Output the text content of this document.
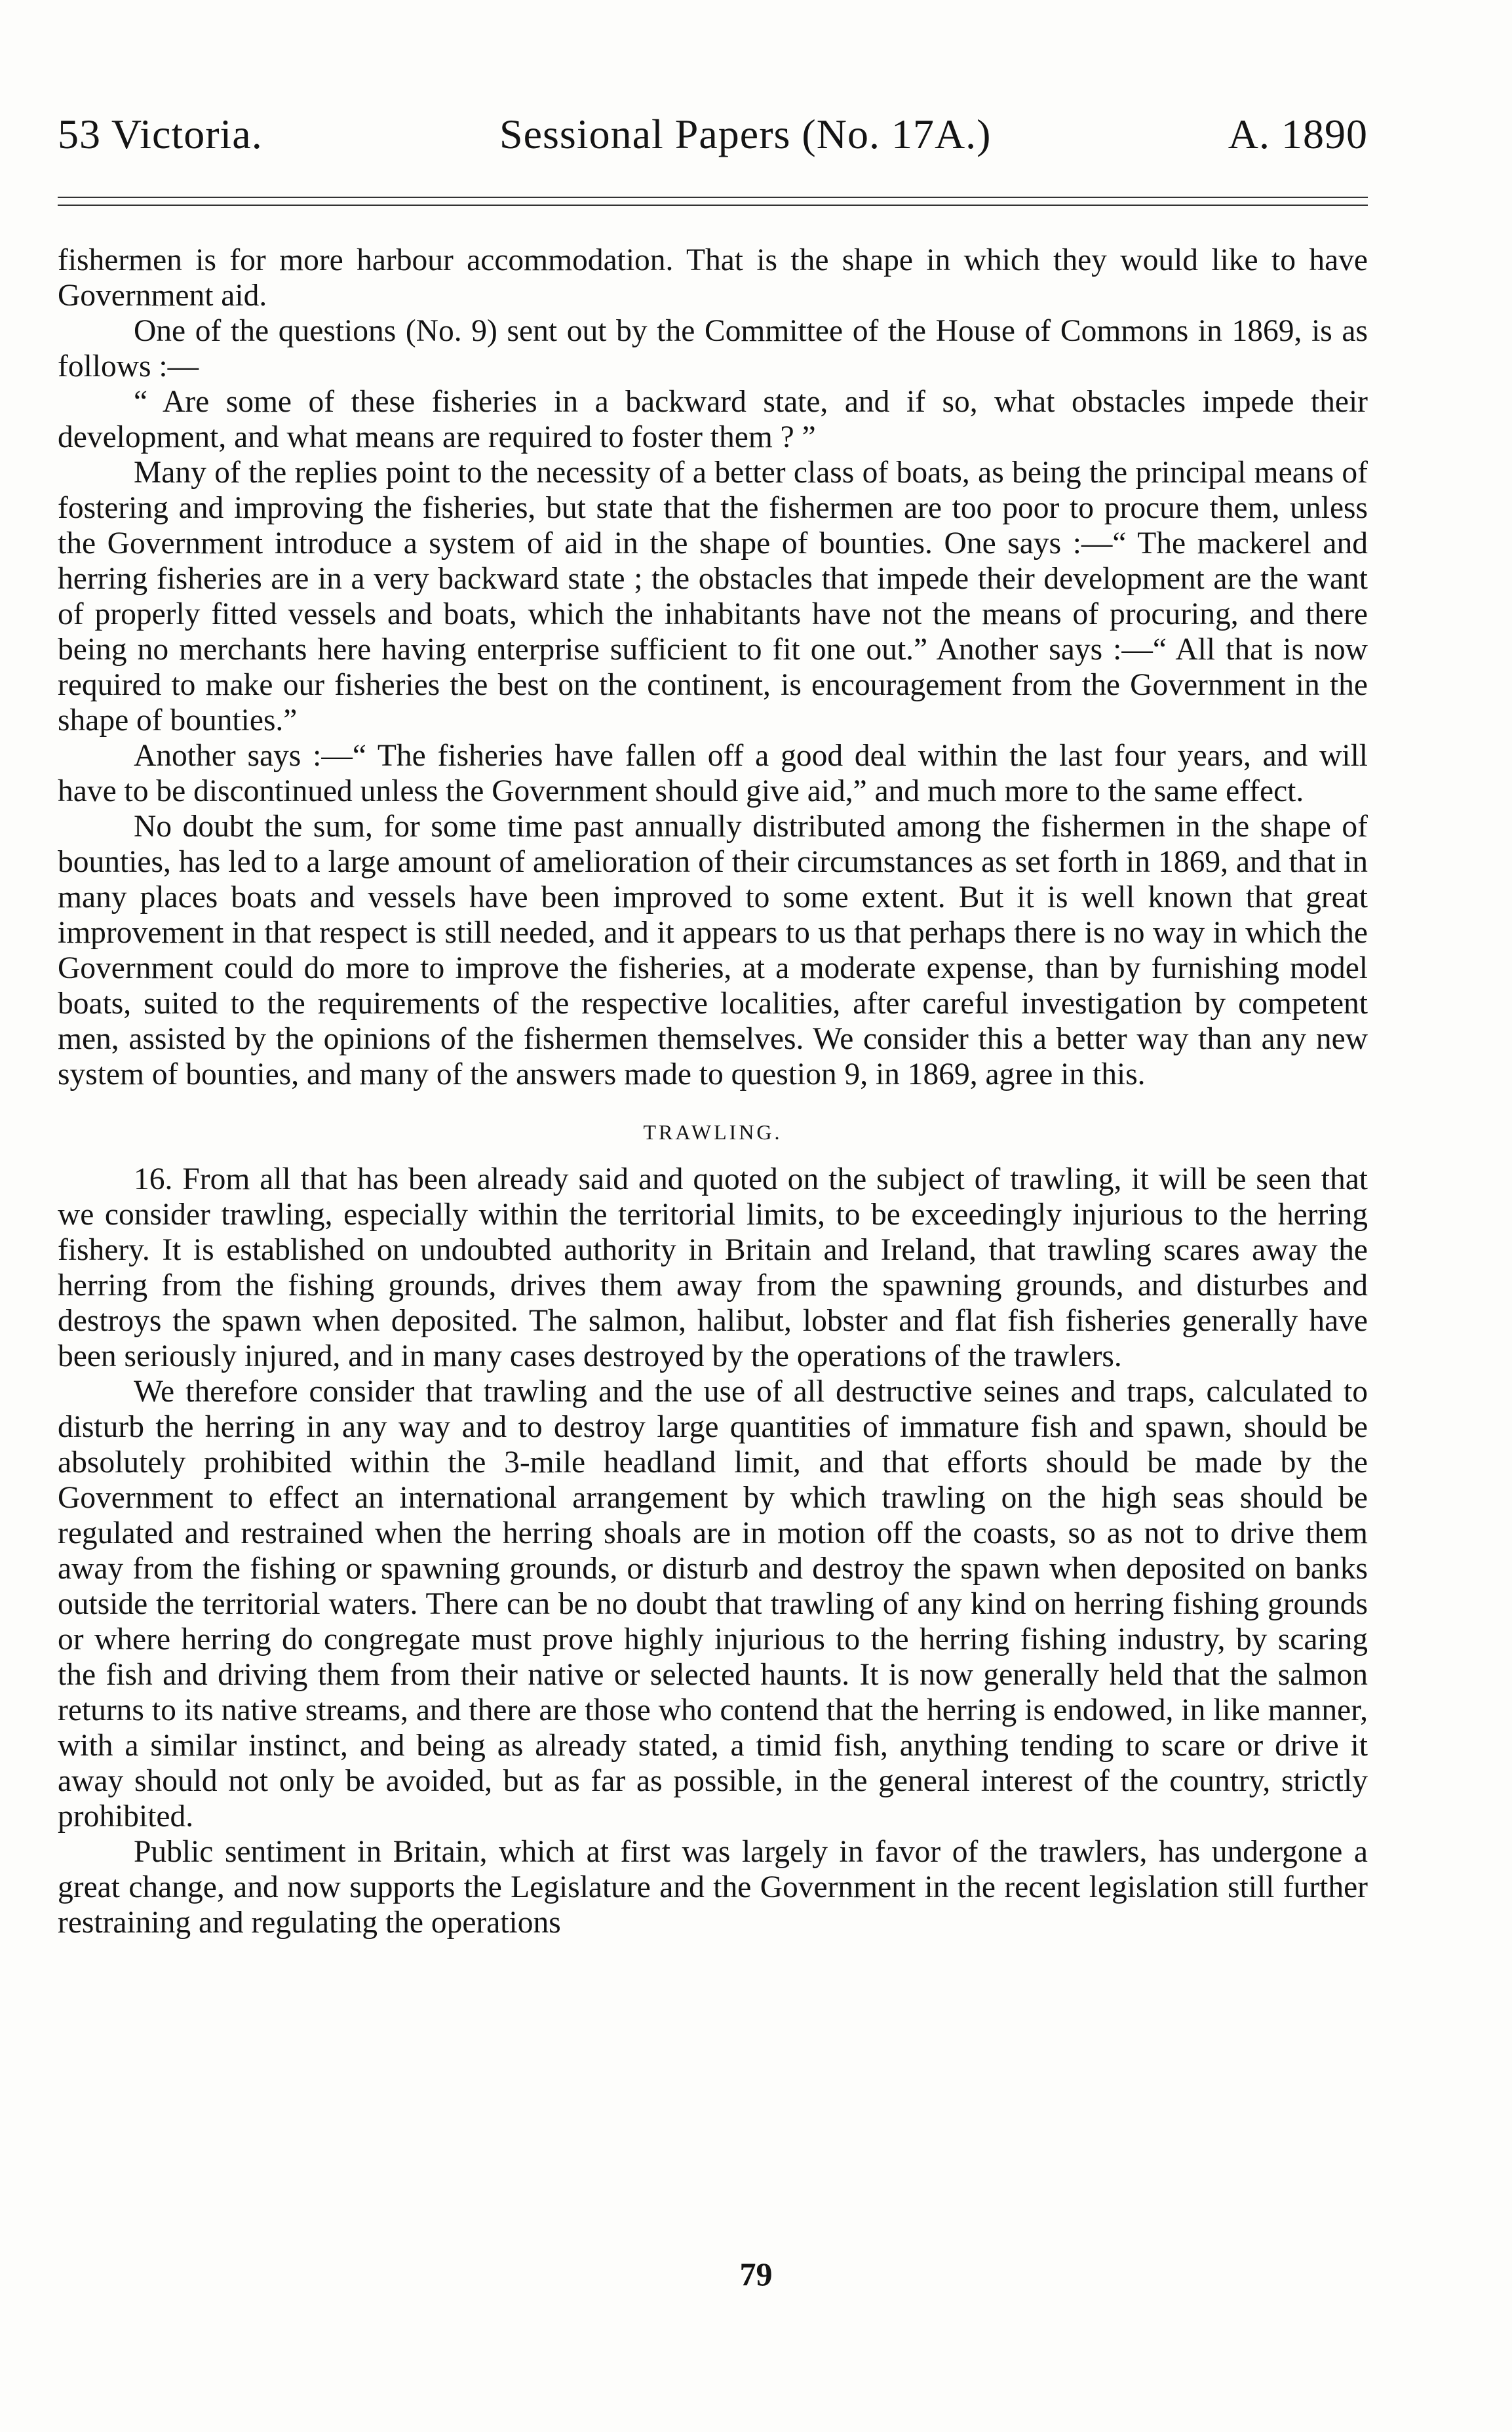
53 Victoria.	Sessional Papers (No. 17A.)	A. 1890

fishermen is for more harbour accommodation. That is the shape in which they would like to have Government aid.

One of the questions (No. 9) sent out by the Committee of the House of Commons in 1869, is as follows :—

“ Are some of these fisheries in a backward state, and if so, what obstacles impede their development, and what means are required to foster them ? ”

Many of the replies point to the necessity of a better class of boats, as being the principal means of fostering and improving the fisheries, but state that the fishermen are too poor to procure them, unless the Government introduce a system of aid in the shape of bounties. One says :—“ The mackerel and herring fisheries are in a very backward state ; the obstacles that impede their development are the want of properly fitted vessels and boats, which the inhabitants have not the means of procuring, and there being no merchants here having enterprise sufficient to fit one out.” Another says :—“ All that is now required to make our fisheries the best on the continent, is encouragement from the Government in the shape of bounties.”

Another says :—“ The fisheries have fallen off a good deal within the last four years, and will have to be discontinued unless the Government should give aid,” and much more to the same effect.

No doubt the sum, for some time past annually distributed among the fishermen in the shape of bounties, has led to a large amount of amelioration of their circumstances as set forth in 1869, and that in many places boats and vessels have been improved to some extent. But it is well known that great improvement in that respect is still needed, and it appears to us that perhaps there is no way in which the Government could do more to improve the fisheries, at a moderate expense, than by furnishing model boats, suited to the requirements of the respective localities, after careful investigation by competent men, assisted by the opinions of the fishermen themselves. We consider this a better way than any new system of bounties, and many of the answers made to question 9, in 1869, agree in this.

TRAWLING.

16. From all that has been already said and quoted on the subject of trawling, it will be seen that we consider trawling, especially within the territorial limits, to be exceedingly injurious to the herring fishery. It is established on undoubted authority in Britain and Ireland, that trawling scares away the herring from the fishing grounds, drives them away from the spawning grounds, and disturbes and destroys the spawn when deposited. The salmon, halibut, lobster and flat fish fisheries generally have been seriously injured, and in many cases destroyed by the operations of the trawlers.

We therefore consider that trawling and the use of all destructive seines and traps, calculated to disturb the herring in any way and to destroy large quantities of immature fish and spawn, should be absolutely prohibited within the 3-mile headland limit, and that efforts should be made by the Government to effect an international arrangement by which trawling on the high seas should be regulated and restrained when the herring shoals are in motion off the coasts, so as not to drive them away from the fishing or spawning grounds, or disturb and destroy the spawn when deposited on banks outside the territorial waters. There can be no doubt that trawling of any kind on herring fishing grounds or where herring do congregate must prove highly injurious to the herring fishing industry, by scaring the fish and driving them from their native or selected haunts. It is now generally held that the salmon returns to its native streams, and there are those who contend that the herring is endowed, in like manner, with a similar instinct, and being as already stated, a timid fish, anything tending to scare or drive it away should not only be avoided, but as far as possible, in the general interest of the country, strictly prohibited.

Public sentiment in Britain, which at first was largely in favor of the trawlers, has undergone a great change, and now supports the Legislature and the Government in the recent legislation still further restraining and regulating the operations

79
